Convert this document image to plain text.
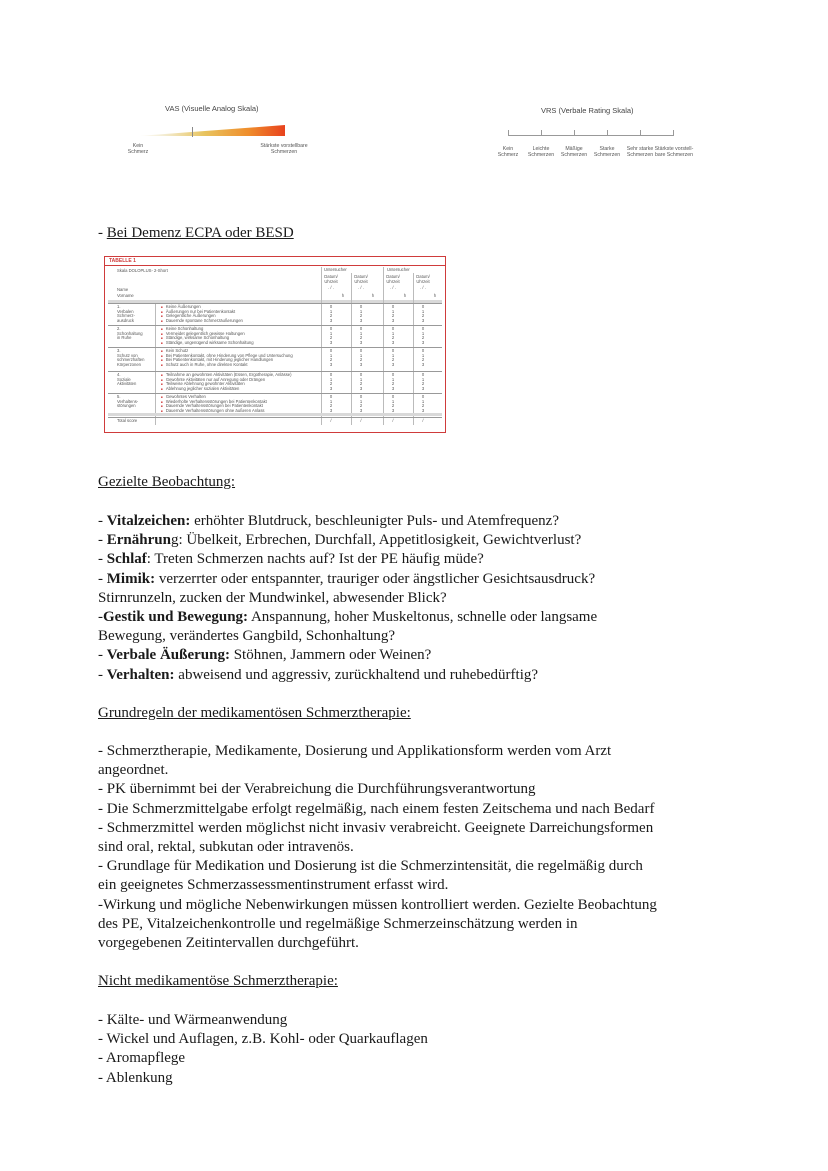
VAS (Visuelle Analog Skala)
Kein
Schmerz
Stärkste vorstellbare
Schmerzen
VRS (Verbale Rating Skala)
Kein
Schmerz
Leichte
Schmerzen
Mäßige
Schmerzen
Starke
Schmerzen
Sehr starke
Schmerzen
Stärkste vorstell-
bare Schmerzen
- Bei Demenz ECPA oder BESD
TABELLE 1
Skala DOLOPLUS- 2-Short	Untersucher	Untersucher
Datum/
Uhrzeit
Datum/
Uhrzeit
Datum/
Uhrzeit
Datum/
Uhrzeit
Name	. / .	. / .	. / .	. / .
Vorname	h	h	h	h
1.
Verbalen
Schmerz-
ausdruck
■ Keine Äußerungen	0	0	0	0
■ Äußerungen nur bei Patientenkontakt	1	1	1	1
■ Gelegentliche Äußerungen	2	2	2	2
■ Dauernde spontane Schmerzäußerungen	3	3	3	3
2.
Schonhaltung
in Ruhe
■ Keine Schonhaltung	0	0	0	0
■ Vermeidet gelegentlich gewisse Haltungen	1	1	1	1
■ Ständige, wirksame Schonhaltung	2	2	2	2
■ Ständige, ungenügend wirksame Schonhaltung	3	3	3	3
3.
Schutz von
schmerzhaften
Körperzonen
■ Kein Schutz	0	0	0	0
■ Bei Patientenkontakt, ohne Hinderung von Pflege und Untersuchung	1	1	1	1
■ Bei Patientenkontakt, mit Hinderung jeglicher Handlungen	2	2	2	2
■ Schutz auch in Ruhe, ohne direkten Kontakt	3	3	3	3
4.
Soziale
Aktivitäten
■ Teilnahme an gewohnten Aktivitäten (Essen, Ergotherapie, Anlässe)	0	0	0	0
■ Gewohnte Aktivitäten nur auf Anregung oder Drängen	1	1	1	1
■ Teilweise Ablehnung gewohnter Aktivitäten	2	2	2	2
■ Ablehnung jeglicher sozialen Aktivitäten	3	3	3	3
5.
Verhaltens-
störungen
■ Gewohntes Verhalten	0	0	0	0
■ Wiederholte Verhaltensstörungen bei Patientenkontakt	1	1	1	1
■ Dauernde Verhaltensstörungen bei Patientenkontakt	2	2	2	2
■ Dauernde Verhaltensstörungen ohne äußeren Anlass	3	3	3	3
Total score	/	/	/	/
Gezielte Beobachtung:
- Vitalzeichen: erhöhter Blutdruck, beschleunigter Puls- und Atemfrequenz?
- Ernährung: Übelkeit, Erbrechen, Durchfall, Appetitlosigkeit, Gewichtverlust?
- Schlaf: Treten Schmerzen nachts auf? Ist der PE häufig müde?
- Mimik: verzerrter oder entspannter, trauriger oder ängstlicher Gesichtsausdruck?
Stirnrunzeln, zucken der Mundwinkel, abwesender Blick?
-Gestik und Bewegung: Anspannung, hoher Muskeltonus, schnelle oder langsame
Bewegung, verändertes Gangbild, Schonhaltung?
- Verbale Äußerung: Stöhnen, Jammern oder Weinen?
- Verhalten: abweisend und aggressiv, zurückhaltend und ruhebedürftig?
Grundregeln der medikamentösen Schmerztherapie:
- Schmerztherapie, Medikamente, Dosierung und Applikationsform werden vom Arzt
angeordnet.
- PK übernimmt bei der Verabreichung die Durchführungsverantwortung
- Die Schmerzmittelgabe erfolgt regelmäßig, nach einem festen Zeitschema und nach Bedarf
- Schmerzmittel werden möglichst nicht invasiv verabreicht. Geeignete Darreichungsformen
sind oral, rektal, subkutan oder intravenös.
- Grundlage für Medikation und Dosierung ist die Schmerzintensität, die regelmäßig durch
ein geeignetes Schmerzassessmentinstrument erfasst wird.
-Wirkung und mögliche Nebenwirkungen müssen kontrolliert werden. Gezielte Beobachtung
des PE, Vitalzeichenkontrolle und regelmäßige Schmerzeinschätzung werden in
vorgegebenen Zeitintervallen durchgeführt.
Nicht medikamentöse Schmerztherapie:
- Kälte- und Wärmeanwendung
- Wickel und Auflagen, z.B. Kohl- oder Quarkauflagen
- Aromapflege
- Ablenkung
